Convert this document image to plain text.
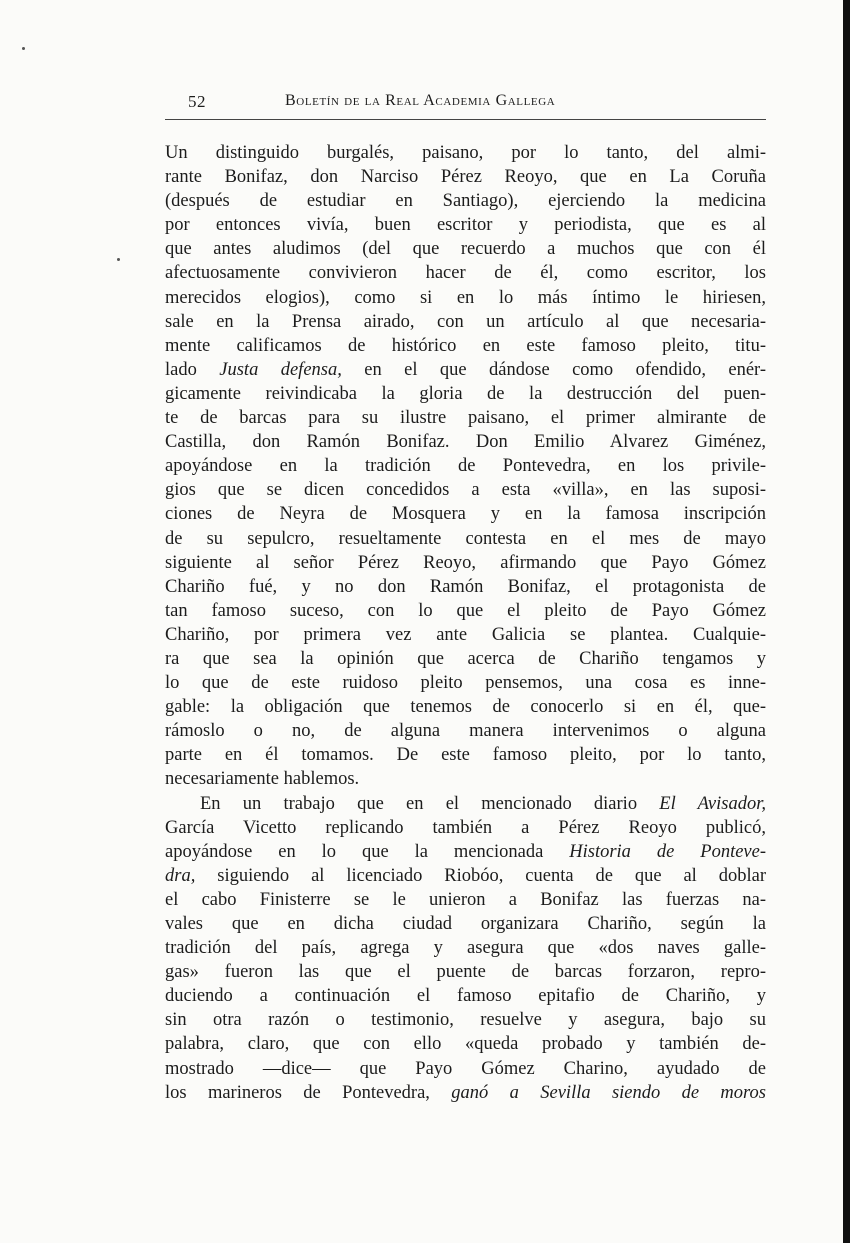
52	Boletín de la Real Academia Gallega
Un distinguido burgalés, paisano, por lo tanto, del almi-
rante Bonifaz, don Narciso Pérez Reoyo, que en La Coruña
(después de estudiar en Santiago), ejerciendo la medicina
por entonces vivía, buen escritor y periodista, que es al
que antes aludimos (del que recuerdo a muchos que con él
afectuosamente convivieron hacer de él, como escritor, los
merecidos elogios), como si en lo más íntimo le hiriesen,
sale en la Prensa airado, con un artículo al que necesaria-
mente calificamos de histórico en este famoso pleito, titu-
lado Justa defensa, en el que dándose como ofendido, enér-
gicamente reivindicaba la gloria de la destrucción del puen-
te de barcas para su ilustre paisano, el primer almirante de
Castilla, don Ramón Bonifaz. Don Emilio Alvarez Giménez,
apoyándose en la tradición de Pontevedra, en los privile-
gios que se dicen concedidos a esta «villa», en las suposi-
ciones de Neyra de Mosquera y en la famosa inscripción
de su sepulcro, resueltamente contesta en el mes de mayo
siguiente al señor Pérez Reoyo, afirmando que Payo Gómez
Chariño fué, y no don Ramón Bonifaz, el protagonista de
tan famoso suceso, con lo que el pleito de Payo Gómez
Chariño, por primera vez ante Galicia se plantea. Cualquie-
ra que sea la opinión que acerca de Chariño tengamos y
lo que de este ruidoso pleito pensemos, una cosa es inne-
gable: la obligación que tenemos de conocerlo si en él, que-
rámoslo o no, de alguna manera intervenimos o alguna
parte en él tomamos. De este famoso pleito, por lo tanto,
necesariamente hablemos.
En un trabajo que en el mencionado diario El Avisador,
García Vicetto replicando también a Pérez Reoyo publicó,
apoyándose en lo que la mencionada Historia de Ponteve-
dra, siguiendo al licenciado Riobóo, cuenta de que al doblar
el cabo Finisterre se le unieron a Bonifaz las fuerzas na-
vales que en dicha ciudad organizara Chariño, según la
tradición del país, agrega y asegura que «dos naves galle-
gas» fueron las que el puente de barcas forzaron, repro-
duciendo a continuación el famoso epitafio de Chariño, y
sin otra razón o testimonio, resuelve y asegura, bajo su
palabra, claro, que con ello «queda probado y también de-
mostrado —dice— que Payo Gómez Charino, ayudado de
los marineros de Pontevedra, ganó a Sevilla siendo de moros
